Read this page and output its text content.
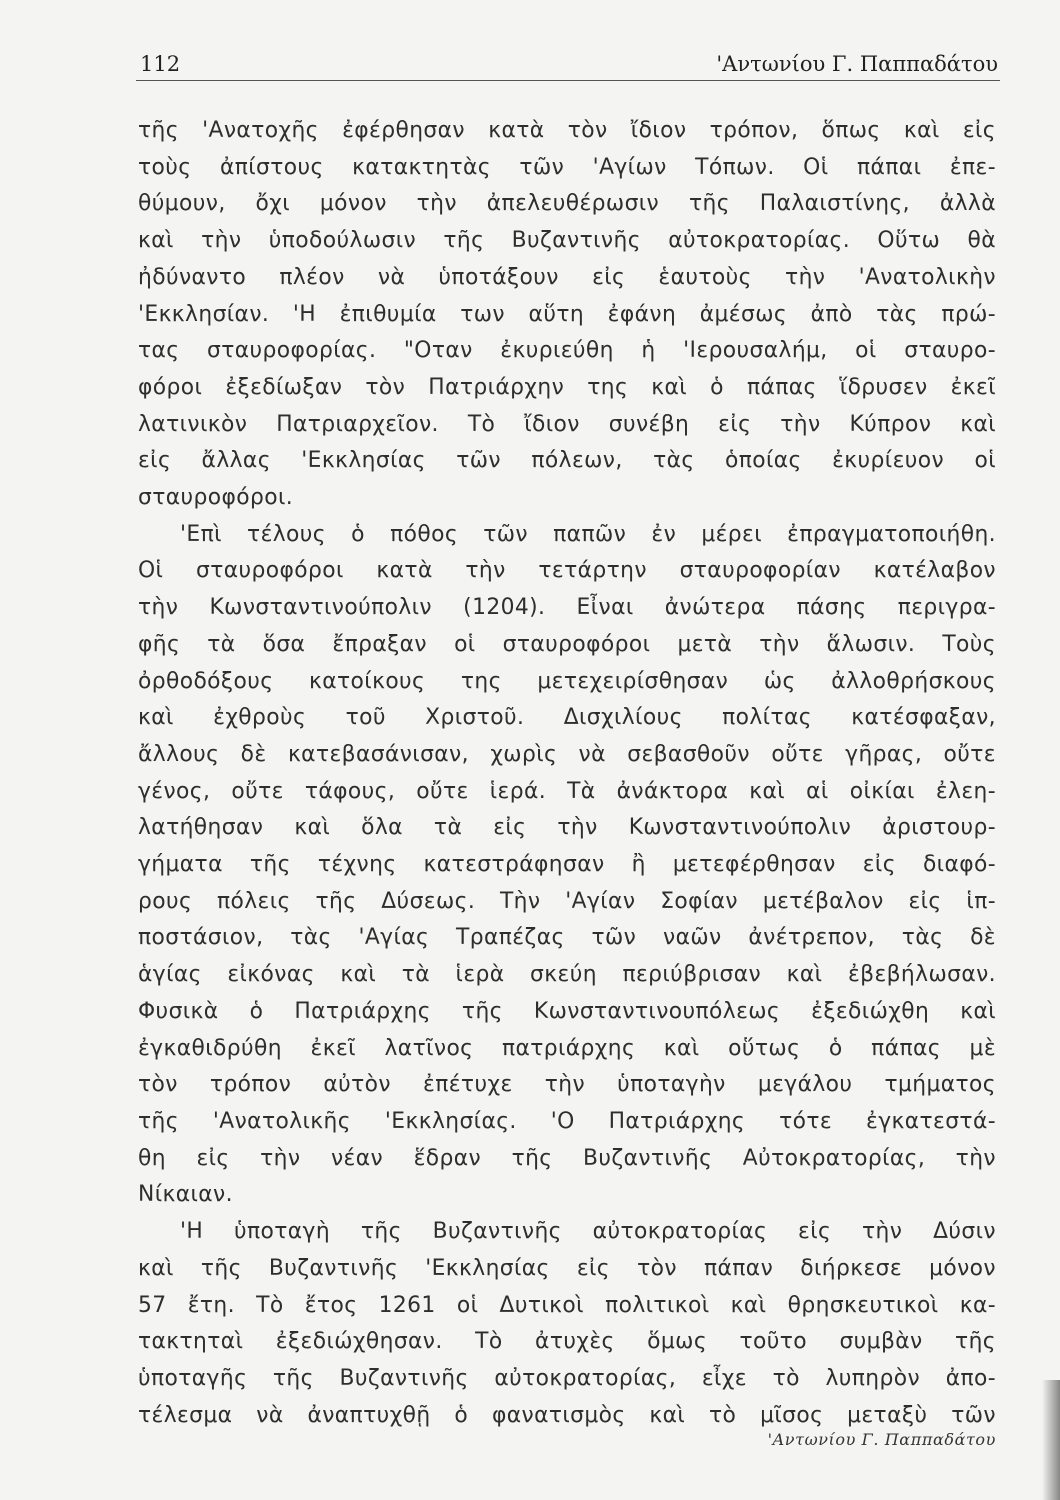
112	'Αντωνίου Γ. Παππαδάτου
τῆς 'Ανατοχῆς ἐφέρθησαν κατὰ τὸν ἴδιον τρόπον, ὅπως καὶ εἰς
τοὺς ἀπίστους κατακτητὰς τῶν 'Αγίων Τόπων. Οἱ πάπαι ἐπε-
θύμουν, ὄχι μόνον τὴν ἀπελευθέρωσιν τῆς Παλαιστίνης, ἀλλὰ
καὶ τὴν ὑποδούλωσιν τῆς Βυζαντινῆς αὐτοκρατορίας. Οὕτω θὰ
ἠδύναντο πλέον νὰ ὑποτάξουν εἰς ἑαυτοὺς τὴν 'Ανατολικὴν
'Εκκλησίαν. 'Η ἐπιθυμία των αὕτη ἐφάνη ἀμέσως ἀπὸ τὰς πρώ-
τας σταυροφορίας. "Οταν ἐκυριεύθη ἡ 'Ιερουσαλήμ, οἱ σταυρο-
φόροι ἐξεδίωξαν τὸν Πατριάρχην της καὶ ὁ πάπας ἵδρυσεν ἐκεῖ
λατινικὸν Πατριαρχεῖον. Τὸ ἴδιον συνέβη εἰς τὴν Κύπρον καὶ
εἰς ἄλλας 'Εκκλησίας τῶν πόλεων, τὰς ὁποίας ἐκυρίευον οἱ
σταυροφόροι.
'Επὶ τέλους ὁ πόθος τῶν παπῶν ἐν μέρει ἐπραγματοποιήθη.
Οἱ σταυροφόροι κατὰ τὴν τετάρτην σταυροφορίαν κατέλαβον
τὴν Κωνσταντινούπολιν (1204). Εἶναι ἀνώτερα πάσης περιγρα-
φῆς τὰ ὅσα ἔπραξαν οἱ σταυροφόροι μετὰ τὴν ἅλωσιν. Τοὺς
ὀρθοδόξους κατοίκους της μετεχειρίσθησαν ὡς ἀλλοθρήσκους
καὶ ἐχθροὺς τοῦ Χριστοῦ. Δισχιλίους πολίτας κατέσφαξαν,
ἄλλους δὲ κατεβασάνισαν, χωρὶς νὰ σεβασθοῦν οὔτε γῆρας, οὔτε
γένος, οὔτε τάφους, οὔτε ἱερά. Τὰ ἀνάκτορα καὶ αἱ οἰκίαι ἐλεη-
λατήθησαν καὶ ὅλα τὰ εἰς τὴν Κωνσταντινούπολιν ἀριστουρ-
γήματα τῆς τέχνης κατεστράφησαν ἢ μετεφέρθησαν εἰς διαφό-
ρους πόλεις τῆς Δύσεως. Τὴν 'Αγίαν Σοφίαν μετέβαλον εἰς ἱπ-
ποστάσιον, τὰς 'Αγίας Τραπέζας τῶν ναῶν ἀνέτρεπον, τὰς δὲ
ἁγίας εἰκόνας καὶ τὰ ἱερὰ σκεύη περιύβρισαν καὶ ἐβεβήλωσαν.
Φυσικὰ ὁ Πατριάρχης τῆς Κωνσταντινουπόλεως ἐξεδιώχθη καὶ
ἐγκαθιδρύθη ἐκεῖ λατῖνος πατριάρχης καὶ οὕτως ὁ πάπας μὲ
τὸν τρόπον αὐτὸν ἐπέτυχε τὴν ὑποταγὴν μεγάλου τμήματος
τῆς 'Ανατολικῆς 'Εκκλησίας. 'Ο Πατριάρχης τότε ἐγκατεστά-
θη εἰς τὴν νέαν ἕδραν τῆς Βυζαντινῆς Αὐτοκρατορίας, τὴν
Νίκαιαν.
'Η ὑποταγὴ τῆς Βυζαντινῆς αὐτοκρατορίας εἰς τὴν Δύσιν
καὶ τῆς Βυζαντινῆς 'Εκκλησίας εἰς τὸν πάπαν διήρκεσε μόνον
57 ἔτη. Τὸ ἔτος 1261 οἱ Δυτικοὶ πολιτικοὶ καὶ θρησκευτικοὶ κα-
τακτηταὶ ἐξεδιώχθησαν. Τὸ ἀτυχὲς ὅμως τοῦτο συμβὰν τῆς
ὑποταγῆς τῆς Βυζαντινῆς αὐτοκρατορίας, εἶχε τὸ λυπηρὸν ἀπο-
τέλεσμα νὰ ἀναπτυχθῇ ὁ φανατισμὸς καὶ τὸ μῖσος μεταξὺ τῶν
'Αντωνίου Γ. Παππαδάτου
